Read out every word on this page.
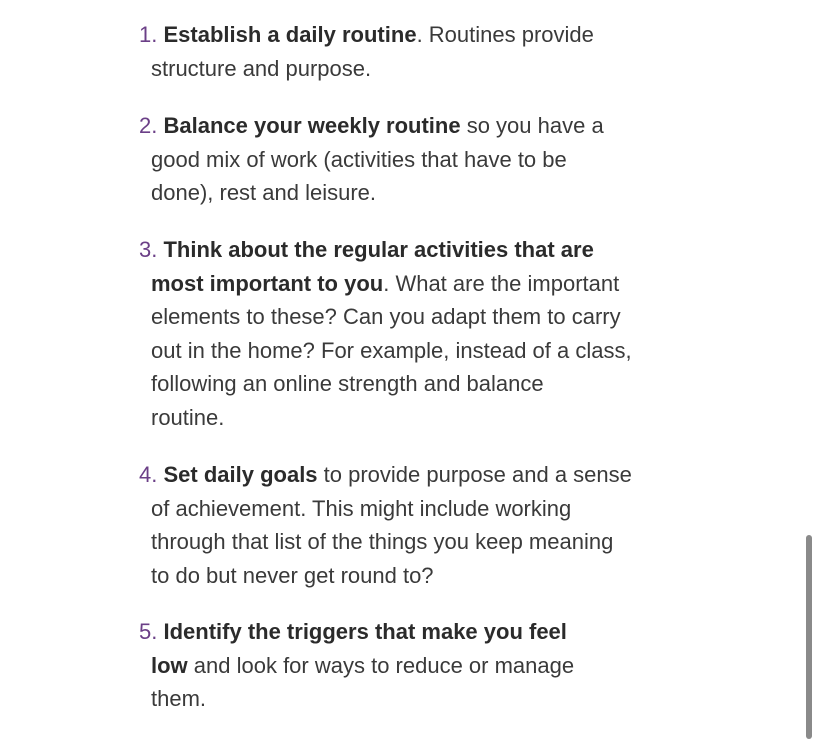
1. Establish a daily routine. Routines provide
structure and purpose.
2. Balance your weekly routine so you have a
good mix of work (activities that have to be
done), rest and leisure.
3. Think about the regular activities that are
most important to you. What are the important
elements to these? Can you adapt them to carry
out in the home? For example, instead of a class,
following an online strength and balance
routine.
4. Set daily goals to provide purpose and a sense
of achievement. This might include working
through that list of the things you keep meaning
to do but never get round to?
5. Identify the triggers that make you feel
low and look for ways to reduce or manage
them.
